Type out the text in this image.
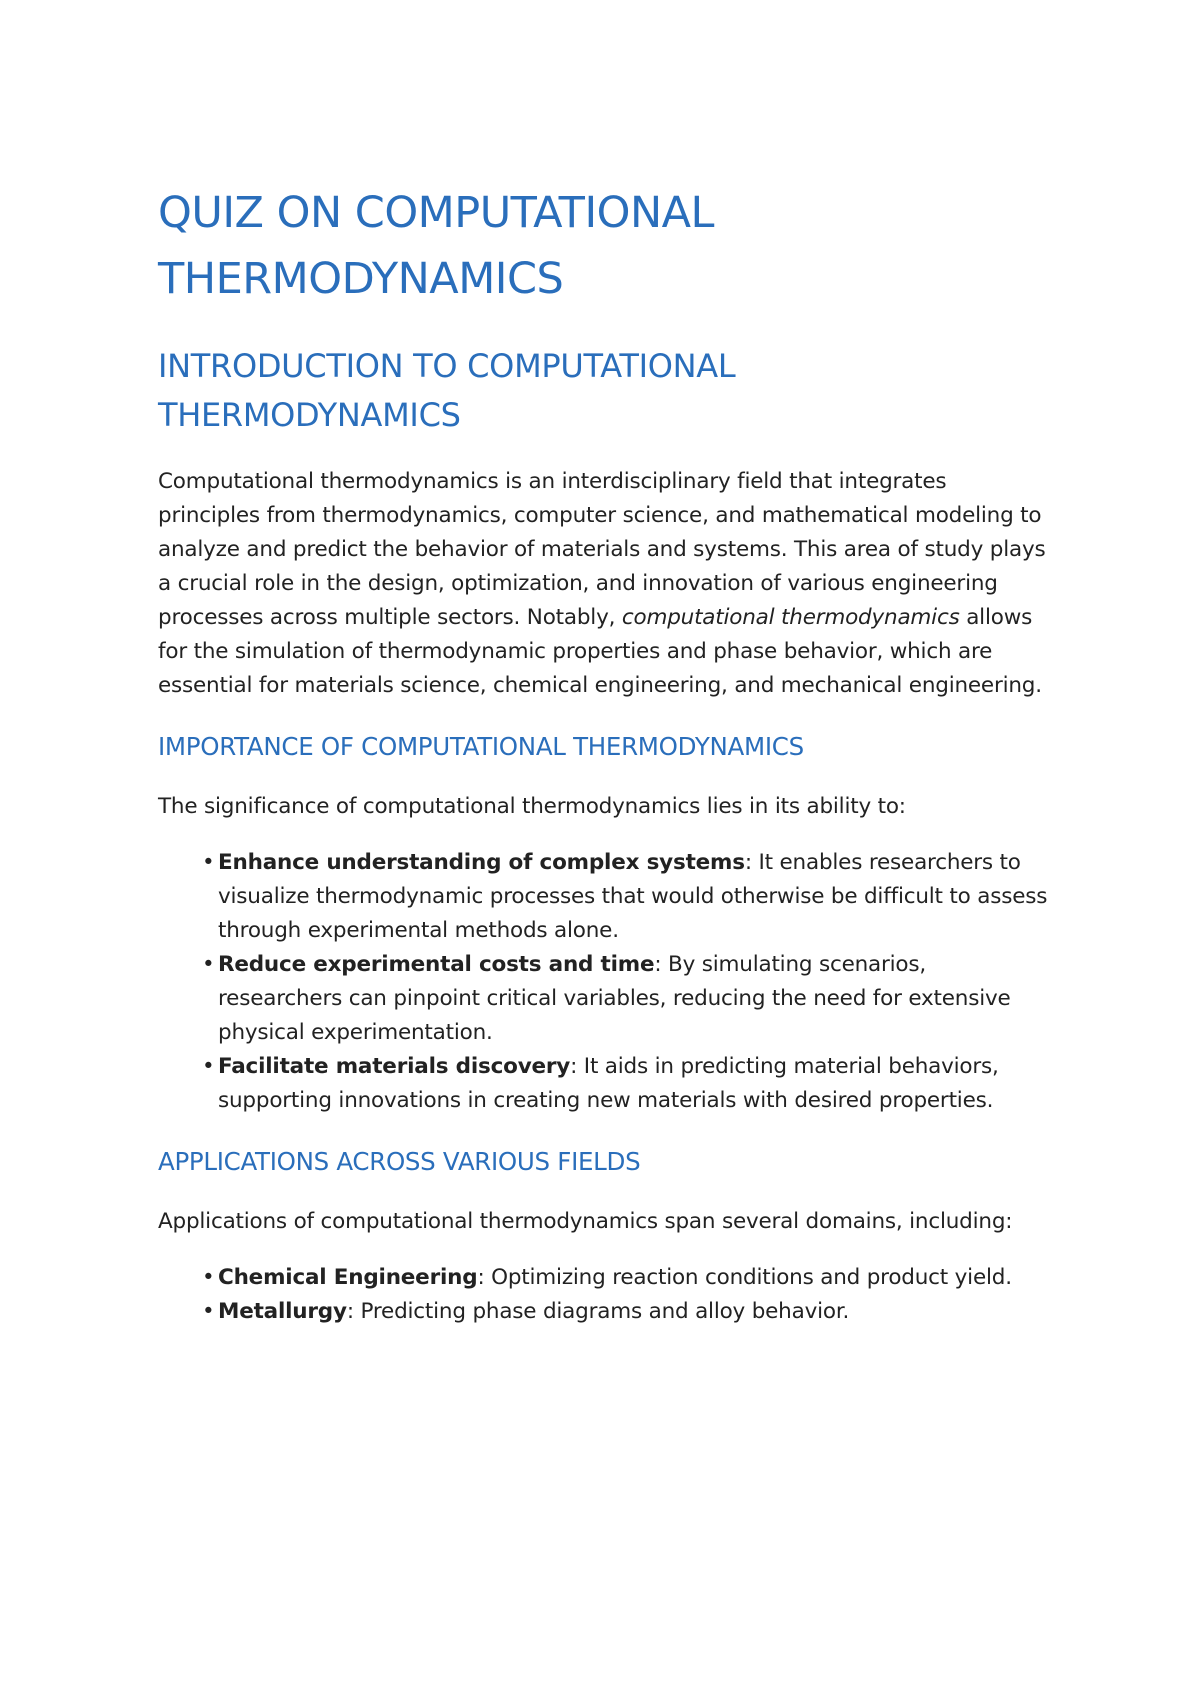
QUIZ ON COMPUTATIONAL
THERMODYNAMICS
INTRODUCTION TO COMPUTATIONAL
THERMODYNAMICS

Computational thermodynamics is an interdisciplinary field that integrates principles from thermodynamics, computer science, and mathematical modeling to analyze and predict the behavior of materials and systems. This area of study plays a crucial role in the design, optimization, and innovation of various engineering processes across multiple sectors. Notably, computational thermodynamics allows for the simulation of thermodynamic properties and phase behavior, which are essential for materials science, chemical engineering, and mechanical engineering.

IMPORTANCE OF COMPUTATIONAL THERMODYNAMICS

The significance of computational thermodynamics lies in its ability to:

• Enhance understanding of complex systems: It enables researchers to visualize thermodynamic processes that would otherwise be difficult to assess through experimental methods alone.
• Reduce experimental costs and time: By simulating scenarios, researchers can pinpoint critical variables, reducing the need for extensive physical experimentation.
• Facilitate materials discovery: It aids in predicting material behaviors, supporting innovations in creating new materials with desired properties.
APPLICATIONS ACROSS VARIOUS FIELDS

Applications of computational thermodynamics span several domains, including:

• Chemical Engineering: Optimizing reaction conditions and product yield.
• Metallurgy: Predicting phase diagrams and alloy behavior.
